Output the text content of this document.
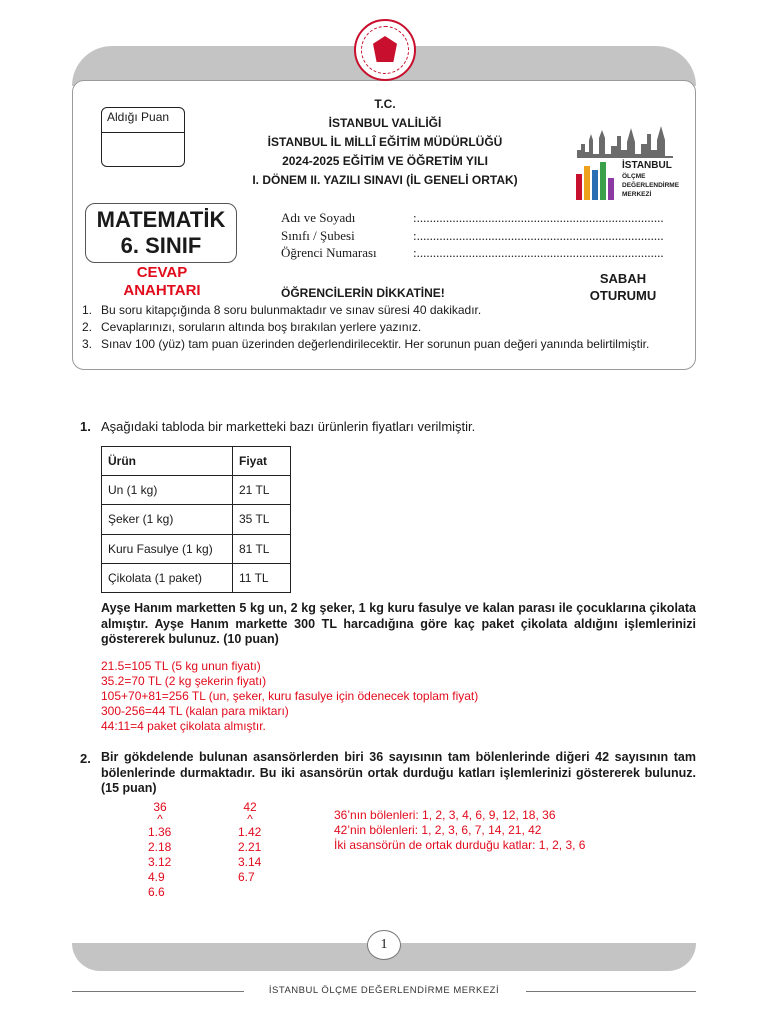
Aldığı Puan
T.C.
İSTANBUL VALİLİĞİ
İSTANBUL İL MİLLÎ EĞİTİM MÜDÜRLÜĞÜ
2024-2025 EĞİTİM VE ÖĞRETİM YILI
I. DÖNEM II. YAZILI SINAVI (İL GENELİ ORTAK)
İSTANBUL
ÖLÇME
DEĞERLENDİRME
MERKEZİ
MATEMATİK
6. SINIF
CEVAP
ANAHTARI
Adı ve Soyadı	:............................................................................
Sınıfı / Şubesi	:............................................................................
Öğrenci Numarası	:............................................................................
ÖĞRENCİLERİN DİKKATİNE!
SABAH
OTURUMU
1. Bu soru kitapçığında 8 soru bulunmaktadır ve sınav süresi 40 dakikadır.
2. Cevaplarınızı, soruların altında boş bırakılan yerlere yazınız.
3. Sınav 100 (yüz) tam puan üzerinden değerlendirilecektir. Her sorunun puan değeri yanında belirtilmiştir.
1. Aşağıdaki tabloda bir marketteki bazı ürünlerin fiyatları verilmiştir.
Ürün	Fiyat
Un (1 kg)	21 TL
Şeker (1 kg)	35 TL
Kuru Fasulye (1 kg)	81 TL
Çikolata (1 paket)	11 TL
Ayşe Hanım marketten 5 kg un, 2 kg şeker, 1 kg kuru fasulye ve kalan parası ile çocuklarına çikolata almıştır. Ayşe Hanım markette 300 TL harcadığına göre kaç paket çikolata aldığını işlemlerinizi göstererek bulunuz. (10 puan)
21.5=105 TL (5 kg unun fiyatı)
35.2=70 TL (2 kg şekerin fiyatı)
105+70+81=256 TL (un, şeker, kuru fasulye için ödenecek toplam fiyat)
300-256=44 TL (kalan para miktarı)
44:11=4 paket çikolata almıştır.
2. Bir gökdelende bulunan asansörlerden biri 36 sayısının tam bölenlerinde diğeri 42 sayısının tam bölenlerinde durmaktadır. Bu iki asansörün ortak durduğu katları işlemlerinizi göstererek bulunuz. (15 puan)
36
^
1.36
2.18
3.12
4.9
6.6
42
^
1.42
2.21
3.14
6.7
36’nın bölenleri: 1, 2, 3, 4, 6, 9, 12, 18, 36
42’nin bölenleri: 1, 2, 3, 6, 7, 14, 21, 42
İki asansörün de ortak durduğu katlar: 1, 2, 3, 6
1
İSTANBUL ÖLÇME DEĞERLENDİRME MERKEZİ
